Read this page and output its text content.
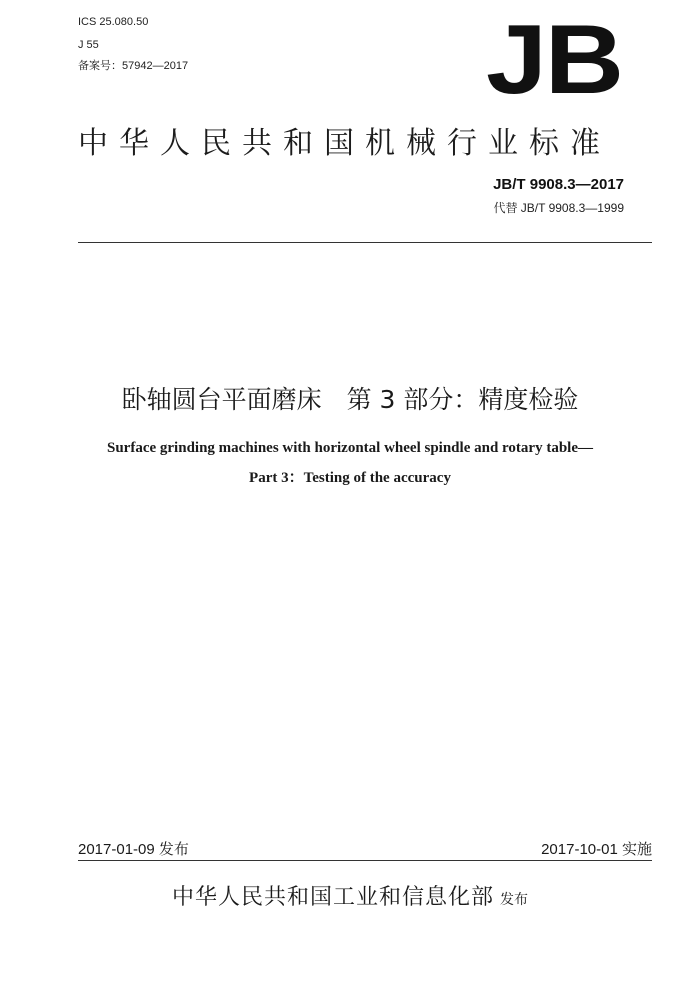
ICS 25.080.50
J 55
备案号：57942—2017	JB
中华人民共和国机械行业标准
JB/T 9908.3—2017
代替 JB/T 9908.3—1999
卧轴圆台平面磨床　第 3 部分：精度检验
Surface grinding machines with horizontal wheel spindle and rotary table—
Part 3：Testing of the accuracy
2017-01-09 发布	2017-10-01 实施
中华人民共和国工业和信息化部 发布
